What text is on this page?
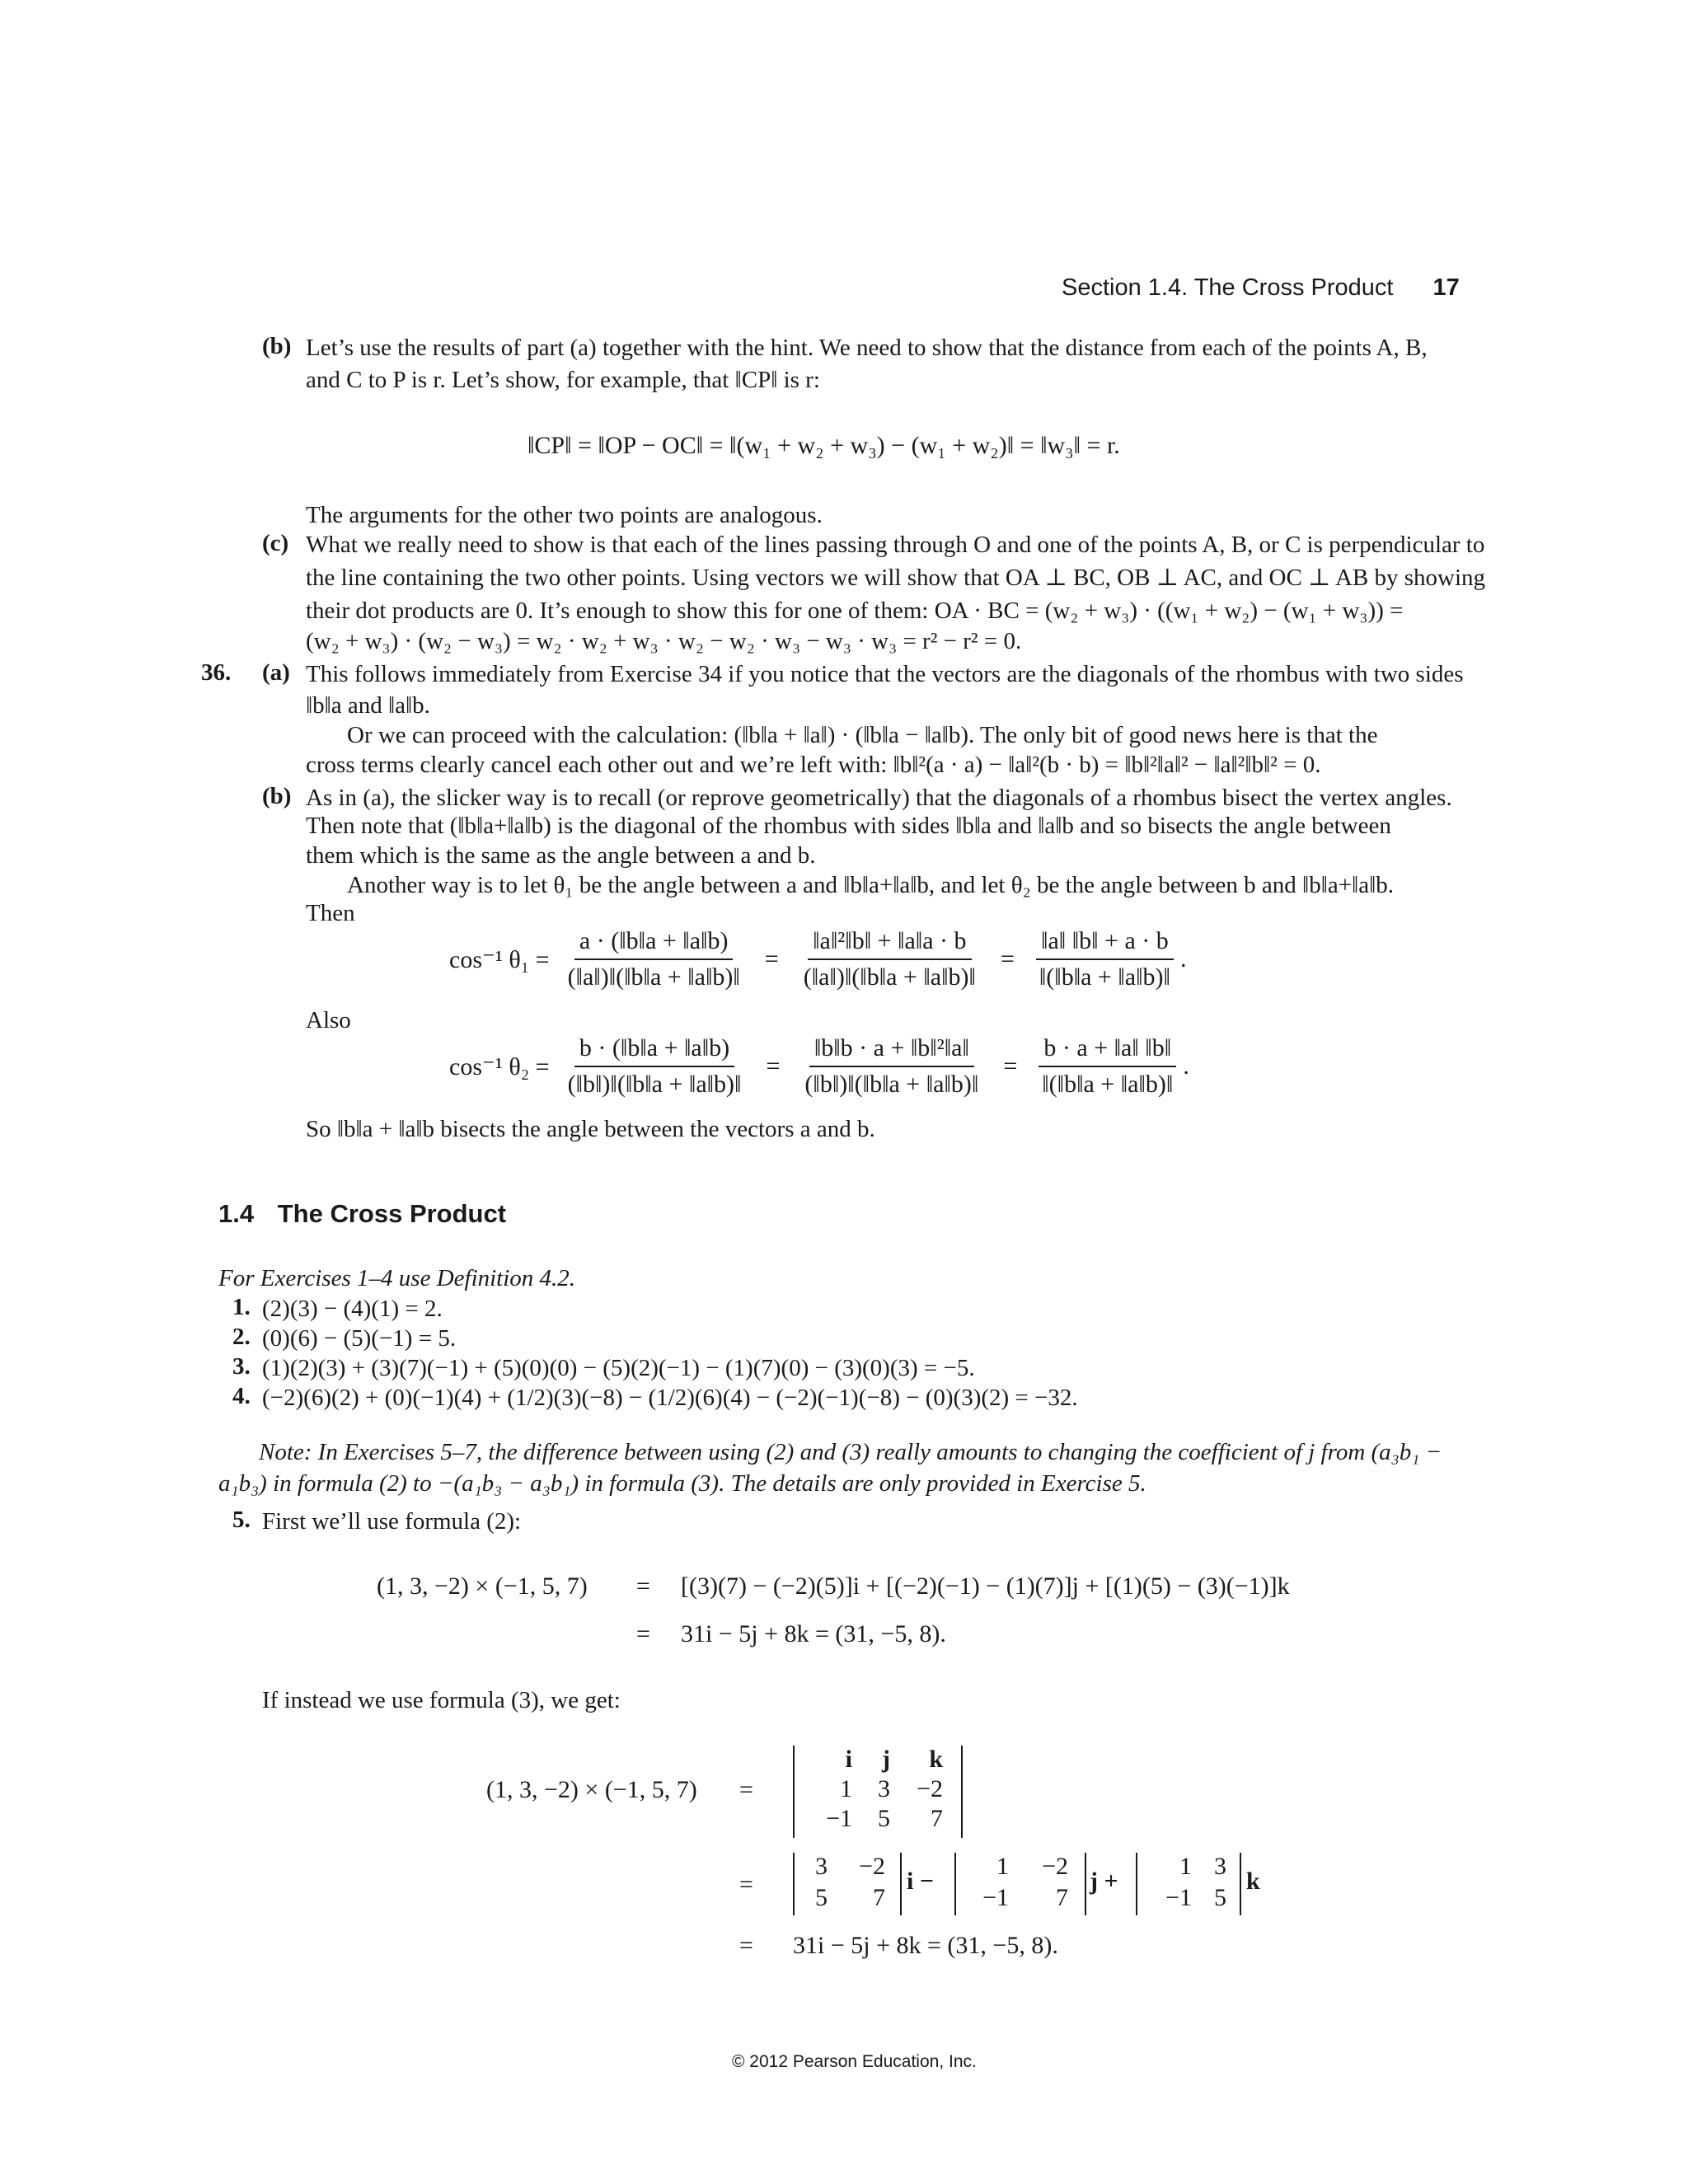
Section 1.4. The Cross Product 17
(b) Let’s use the results of part (a) together with the hint. We need to show that the distance from each of the points A, B,
and C to P is r. Let’s show, for example, that ‖CP‖ is r:
‖CP‖ = ‖OP − OC‖ = ‖(w₁ + w₂ + w₃) − (w₁ + w₂)‖ = ‖w₃‖ = r.
The arguments for the other two points are analogous.
(c) What we really need to show is that each of the lines passing through O and one of the points A, B, or C is perpendicular to
the line containing the two other points. Using vectors we will show that OA ⊥ BC, OB ⊥ AC, and OC ⊥ AB by showing
their dot products are 0. It’s enough to show this for one of them: OA · BC = (w₂ + w₃) · ((w₁ + w₂) − (w₁ + w₃)) =
(w₂ + w₃) · (w₂ − w₃) = w₂ · w₂ + w₃ · w₂ − w₂ · w₃ − w₃ · w₃ = r² − r² = 0.
36. (a) This follows immediately from Exercise 34 if you notice that the vectors are the diagonals of the rhombus with two sides
‖b‖a and ‖a‖b.
Or we can proceed with the calculation: (‖b‖a + ‖a‖) · (‖b‖a − ‖a‖b). The only bit of good news here is that the
cross terms clearly cancel each other out and we’re left with: ‖b‖²(a · a) − ‖a‖²(b · b) = ‖b‖²‖a‖² − ‖a‖²‖b‖² = 0.
(b) As in (a), the slicker way is to recall (or reprove geometrically) that the diagonals of a rhombus bisect the vertex angles.
Then note that (‖b‖a+‖a‖b) is the diagonal of the rhombus with sides ‖b‖a and ‖a‖b and so bisects the angle between
them which is the same as the angle between a and b.
Another way is to let θ₁ be the angle between a and ‖b‖a+‖a‖b, and let θ₂ be the angle between b and ‖b‖a+‖a‖b.
Then
cos⁻¹ $\theta_1 = \frac{a \cdot (‖b‖a + ‖a‖b)}{(‖a‖)‖(‖b‖a + ‖a‖b)‖} = \frac{\text{‖a‖²‖b‖ + ‖a‖a · b}}{(‖a‖)‖(‖b‖a + ‖a‖b)‖} = \frac{‖a‖ ‖b‖ + a \cdot b}{‖(‖b‖a + ‖a‖b)‖}$ .
Also
cos⁻¹ $\theta_2 = \frac{b \cdot (‖b‖a + ‖a‖b)}{(‖b‖)‖(‖b‖a + ‖a‖b)‖} = \frac{\text{‖b‖b · a + ‖b‖²‖a‖}}{(‖b‖)‖(‖b‖a + ‖a‖b)‖} = \frac{b \cdot a + ‖a‖ ‖b‖}{‖(‖b‖a + ‖a‖b)‖}$ .
So ‖b‖a + ‖a‖b bisects the angle between the vectors a and b.
1.4 The Cross Product
For Exercises 1–4 use Definition 4.2.
1. (2)(3) − (4)(1) = 2.
2. (0)(6) − (5)(−1) = 5.
3. (1)(2)(3) + (3)(7)(−1) + (5)(0)(0) − (5)(2)(−1) − (1)(7)(0) − (3)(0)(3) = −5.
4. (−2)(6)(2) + (0)(−1)(4) + (1/2)(3)(−8) − (1/2)(6)(4) − (−2)(−1)(−8) − (0)(3)(2) = −32.
Note: In Exercises 5–7, the difference between using (2) and (3) really amounts to changing the coefficient of j from (a₃b₁ −
a₁b₃) in formula (2) to −(a₁b₃ − a₃b₁) in formula (3). The details are only provided in Exercise 5.
5. First we’ll use formula (2):
(1, 3, −2) × (−1, 5, 7) = [(3)(7) − (−2)(5)]i + [(−2)(−1) − (1)(7)]j + [(1)(5) − (3)(−1)]k
= 31i − 5j + 8k = (31, −5, 8).
If instead we use formula (3), we get:
(1, 3, −2) × (−1, 5, 7) =
i	j	k
1	3	−2
−1	5	7
=
3	−2
5	7
i −
1	−2
−1	7
j +
1 3
−1 5
k
= 31i − 5j + 8k = (31, −5, 8).
© 2012 Pearson Education, Inc.
